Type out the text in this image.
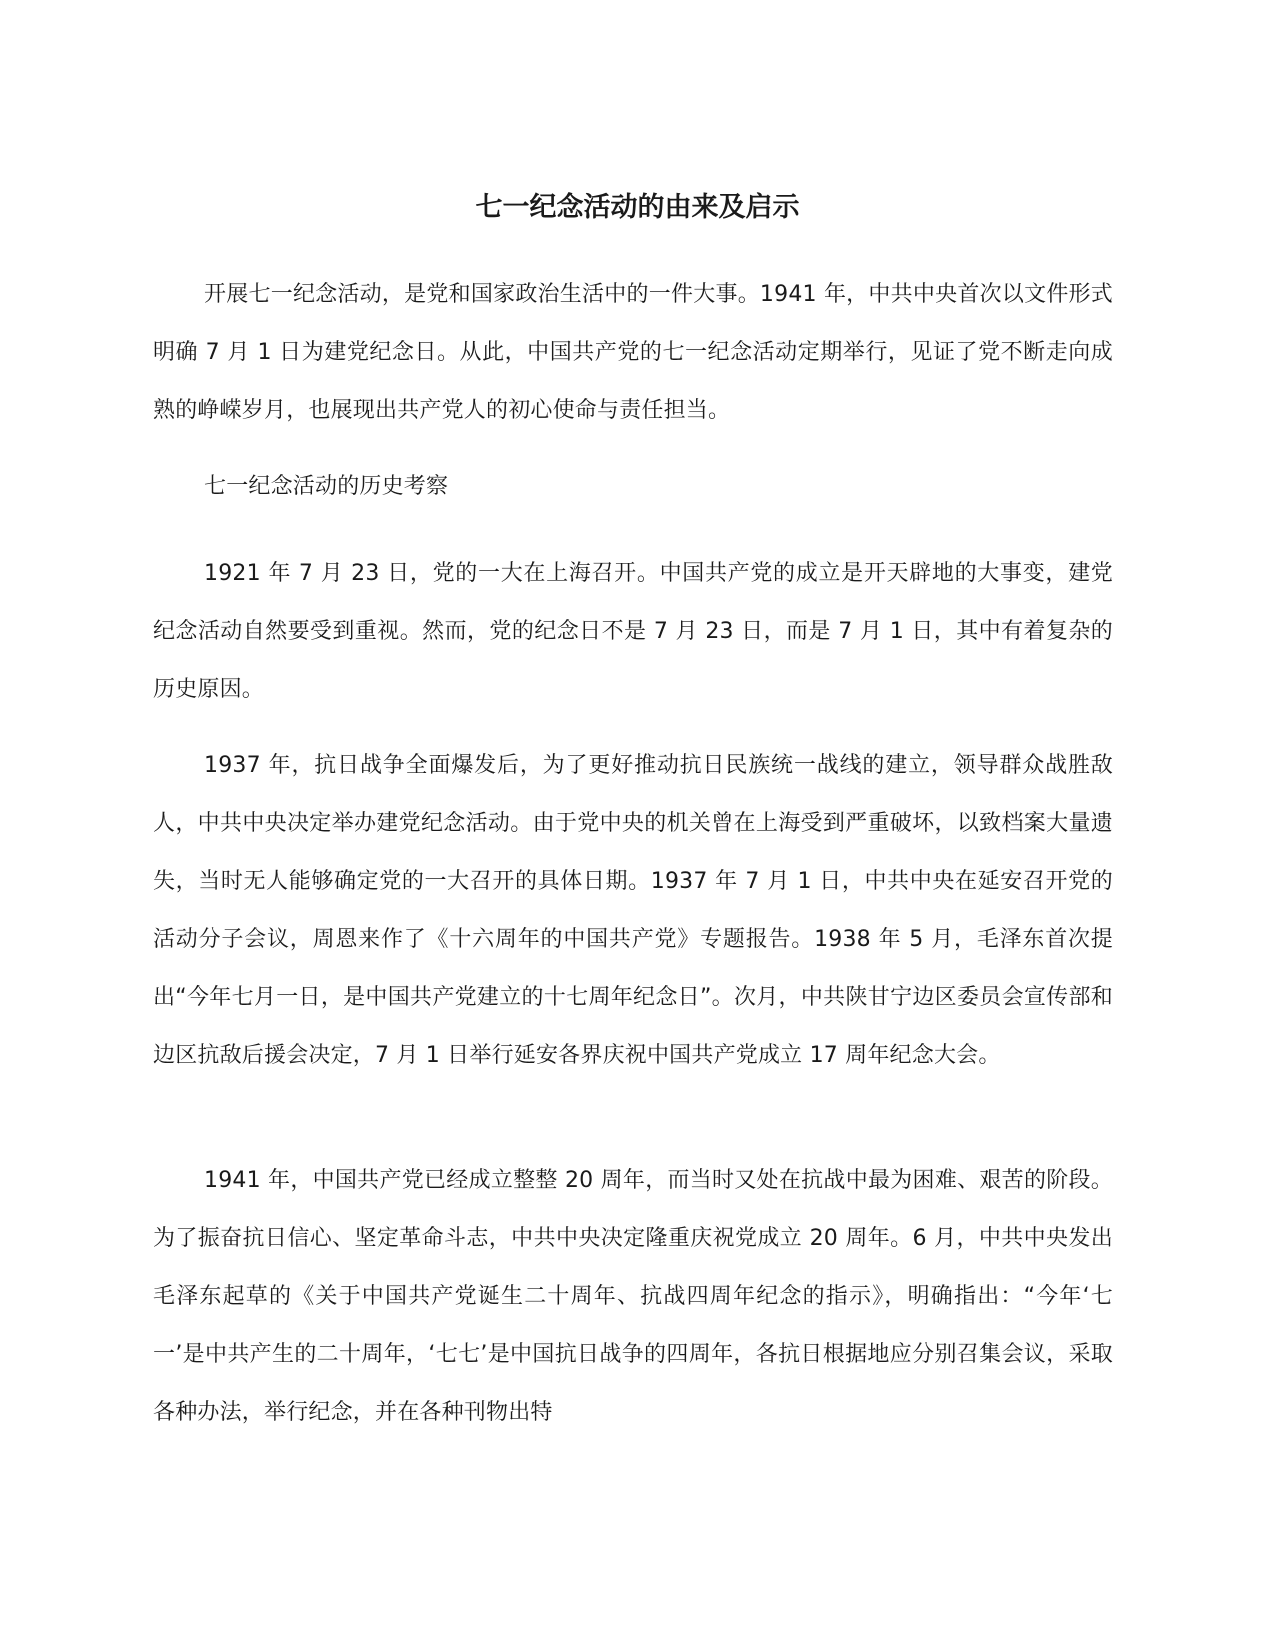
七一纪念活动的由来及启示

开展七一纪念活动，是党和国家政治生活中的一件大事。1941 年，中共中央首次以文件形式明确 7 月 1 日为建党纪念日。从此，中国共产党的七一纪念活动定期举行，见证了党不断走向成熟的峥嵘岁月，也展现出共产党人的初心使命与责任担当。

七一纪念活动的历史考察

1921 年 7 月 23 日，党的一大在上海召开。中国共产党的成立是开天辟地的大事变，建党纪念活动自然要受到重视。然而，党的纪念日不是 7 月 23 日，而是 7 月 1 日，其中有着复杂的历史原因。

1937 年，抗日战争全面爆发后，为了更好推动抗日民族统一战线的建立，领导群众战胜敌人，中共中央决定举办建党纪念活动。由于党中央的机关曾在上海受到严重破坏，以致档案大量遗失，当时无人能够确定党的一大召开的具体日期。1937 年 7 月 1 日，中共中央在延安召开党的活动分子会议，周恩来作了《十六周年的中国共产党》专题报告。1938 年 5 月，毛泽东首次提出“今年七月一日，是中国共产党建立的十七周年纪念日”。次月，中共陕甘宁边区委员会宣传部和边区抗敌后援会决定，7 月 1 日举行延安各界庆祝中国共产党成立 17 周年纪念大会。

1941 年，中国共产党已经成立整整 20 周年，而当时又处在抗战中最为困难、艰苦的阶段。为了振奋抗日信心、坚定革命斗志，中共中央决定隆重庆祝党成立 20 周年。6 月，中共中央发出毛泽东起草的《关于中国共产党诞生二十周年、抗战四周年纪念的指示》，明确指出：“今年‘七一’是中共产生的二十周年，‘七七’是中国抗日战争的四周年，各抗日根据地应分别召集会议，采取各种办法，举行纪念，并在各种刊物出特
